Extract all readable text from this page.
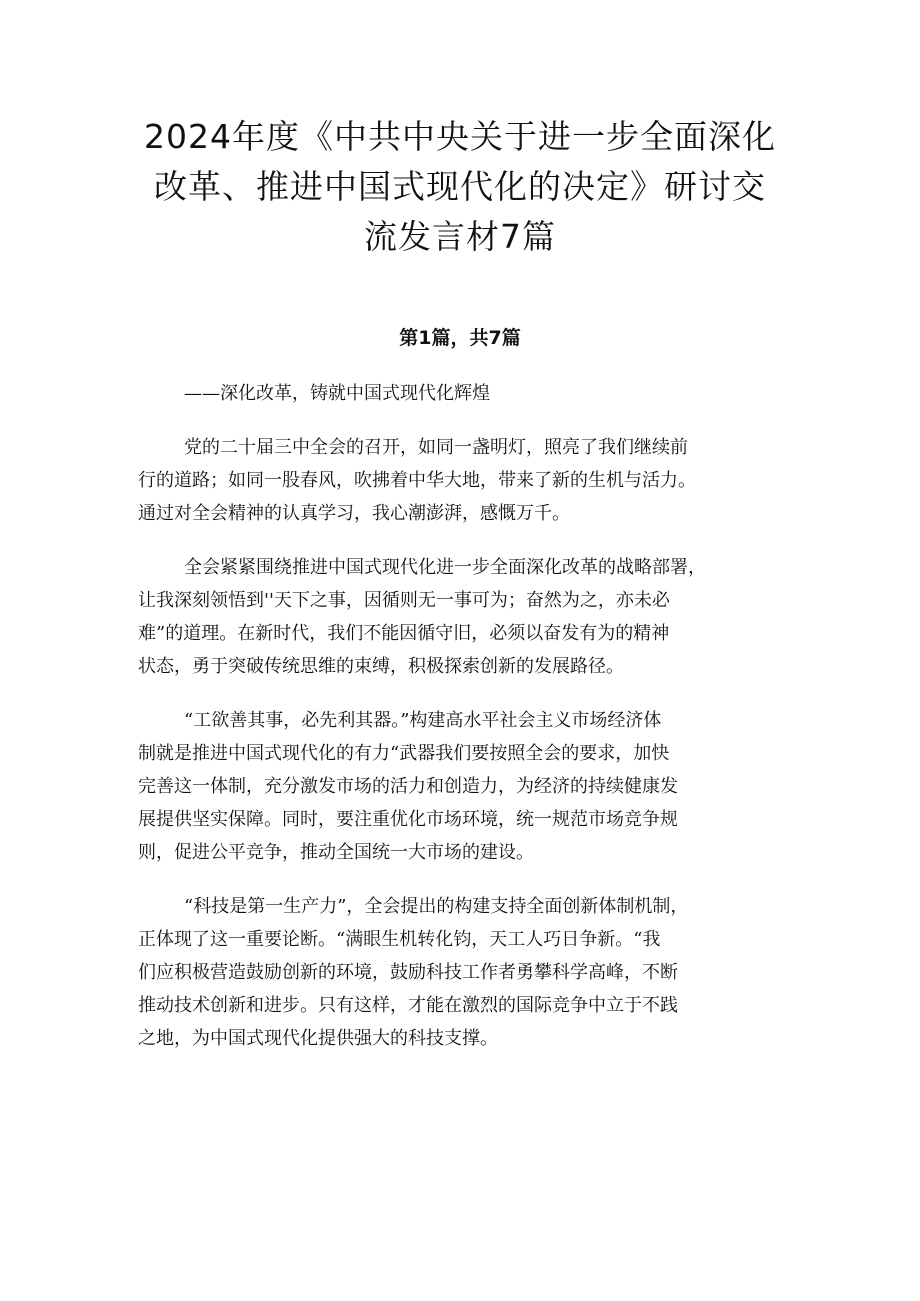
2024年度《中共中央关于进一步全面深化
改革、推进中国式现代化的决定》研讨交
流发言材7篇
第1篇，共7篇
——深化改革，铸就中国式现代化辉煌

党的二十届三中全会的召开，如同一盏明灯，照亮了我们继续前
行的道路；如同一股春风，吹拂着中华大地，带来了新的生机与活力。
通过对全会精神的认真学习，我心潮澎湃，感慨万千。

全会紧紧围绕推进中国式现代化进一步全面深化改革的战略部署，
让我深刻领悟到''天下之事，因循则无一事可为；奋然为之，亦未必
难”的道理。在新时代，我们不能因循守旧，必须以奋发有为的精神
状态，勇于突破传统思维的束缚，积极探索创新的发展路径。

“工欲善其事，必先利其器。”构建高水平社会主义市场经济体
制就是推进中国式现代化的有力“武器我们要按照全会的要求，加快
完善这一体制，充分激发市场的活力和创造力，为经济的持续健康发
展提供坚实保障。同时，要注重优化市场环境，统一规范市场竞争规
则，促进公平竞争，推动全国统一大市场的建设。

“科技是第一生产力”，全会提出的构建支持全面创新体制机制，
正体现了这一重要论断。“满眼生机转化钧，天工人巧日争新。“我
们应积极营造鼓励创新的环境，鼓励科技工作者勇攀科学高峰，不断
推动技术创新和进步。只有这样，才能在激烈的国际竞争中立于不践
之地，为中国式现代化提供强大的科技支撑。
